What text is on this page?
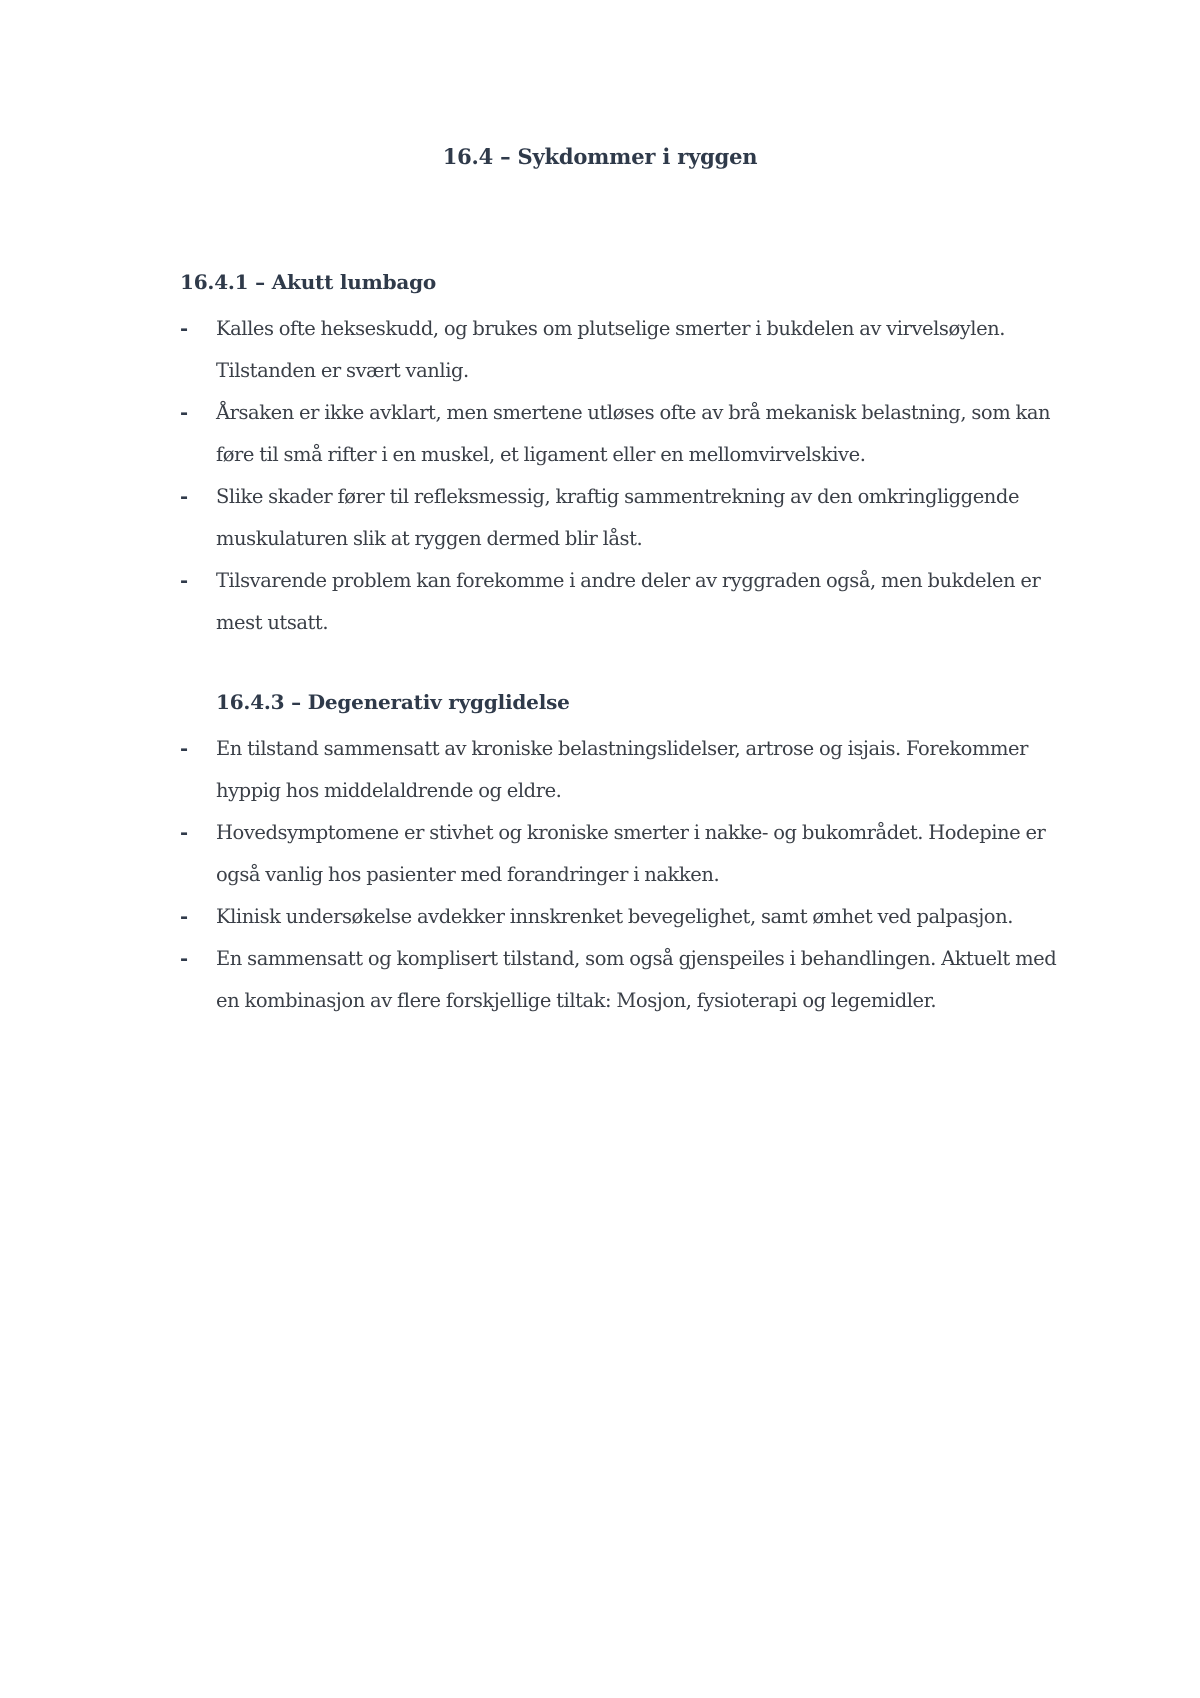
16.4 – Sykdommer i ryggen
16.4.1 – Akutt lumbago
-	Kalles ofte hekseskudd, og brukes om plutselige smerter i bukdelen av virvelsøylen. Tilstanden er svært vanlig.
-	Årsaken er ikke avklart, men smertene utløses ofte av brå mekanisk belastning, som kan føre til små rifter i en muskel, et ligament eller en mellomvirvelskive.
-	Slike skader fører til refleksmessig, kraftig sammentrekning av den omkringliggende muskulaturen slik at ryggen dermed blir låst.
-	Tilsvarende problem kan forekomme i andre deler av ryggraden også, men bukdelen er mest utsatt.
16.4.3 – Degenerativ rygglidelse
-	En tilstand sammensatt av kroniske belastningslidelser, artrose og isjais. Forekommer hyppig hos middelaldrende og eldre.
-	Hovedsymptomene er stivhet og kroniske smerter i nakke- og bukområdet. Hodepine er også vanlig hos pasienter med forandringer i nakken.
-	Klinisk undersøkelse avdekker innskrenket bevegelighet, samt ømhet ved palpasjon.
-	En sammensatt og komplisert tilstand, som også gjenspeiles i behandlingen. Aktuelt med en kombinasjon av flere forskjellige tiltak: Mosjon, fysioterapi og legemidler.
